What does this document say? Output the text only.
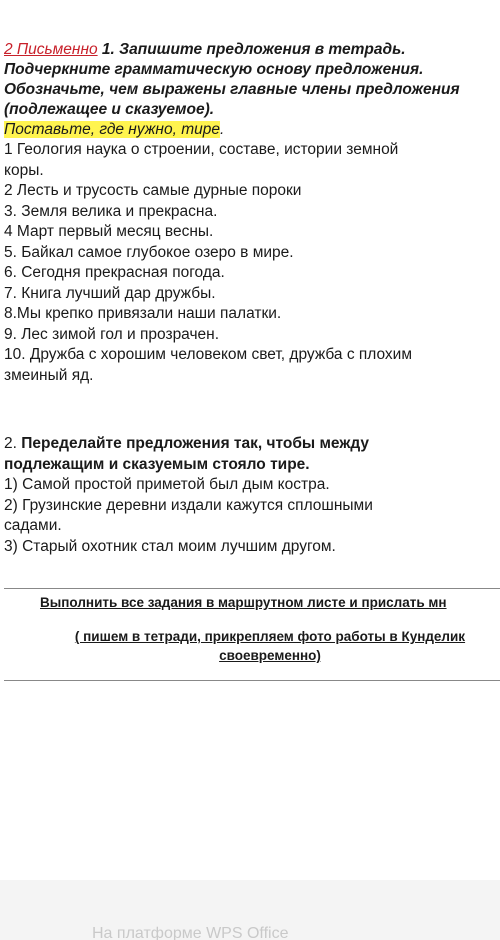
2 Письменно 1. Запишите предложения в тетрадь.
Подчеркните грамматическую основу предложения.
Обозначьте, чем выражены главные члены предложения
(подлежащее и сказуемое).
Поставьте, где нужно, тире.
1 Геология наука о строении, составе, истории земной
коры.
2 Лесть и трусость самые дурные пороки
3. Земля велика и прекрасна.
4 Март первый месяц весны.
5. Байкал самое глубокое озеро в мире.
6. Сегодня прекрасная погода.
7. Книга лучший дар дружбы.
8.Мы крепко привязали наши палатки.
9. Лес зимой гол и прозрачен.
10. Дружба с хорошим человеком свет, дружба с плохим
змеиный яд.
2. Переделайте предложения так, чтобы между
подлежащим и сказуемым стояло тире.
1) Самой простой приметой был дым костра.
2) Грузинские деревни издали кажутся сплошными
садами.
3) Старый охотник стал моим лучшим другом.
Выполнить все задания в маршрутном листе и прислать мн
( пишем в тетради, прикрепляем фото работы в Кунделик
своевременно)
На платформе WPS Office
